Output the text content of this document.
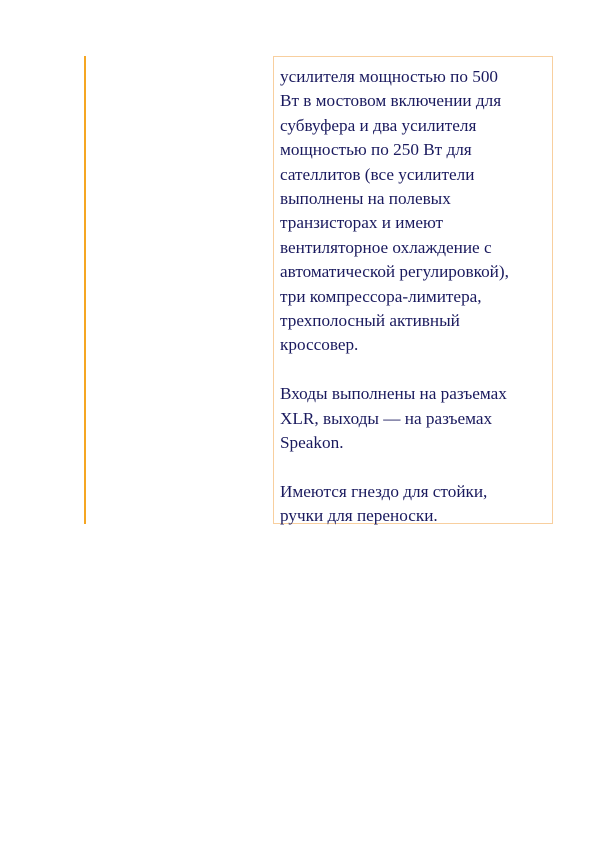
усилителя мощностью по 500
Вт в мостовом включении для
субвуфера и два усилителя
мощностью по 250 Вт для
сателлитов (все усилители
выполнены на полевых
транзисторах и имеют
вентиляторное охлаждение с
автоматической регулировкой),
три компрессора-лимитера,
трехполосный активный
кроссовер.

Входы выполнены на разъемах
XLR, выходы — на разъемах
Speakon.

Имеются гнездо для стойки,
ручки для переноски.
